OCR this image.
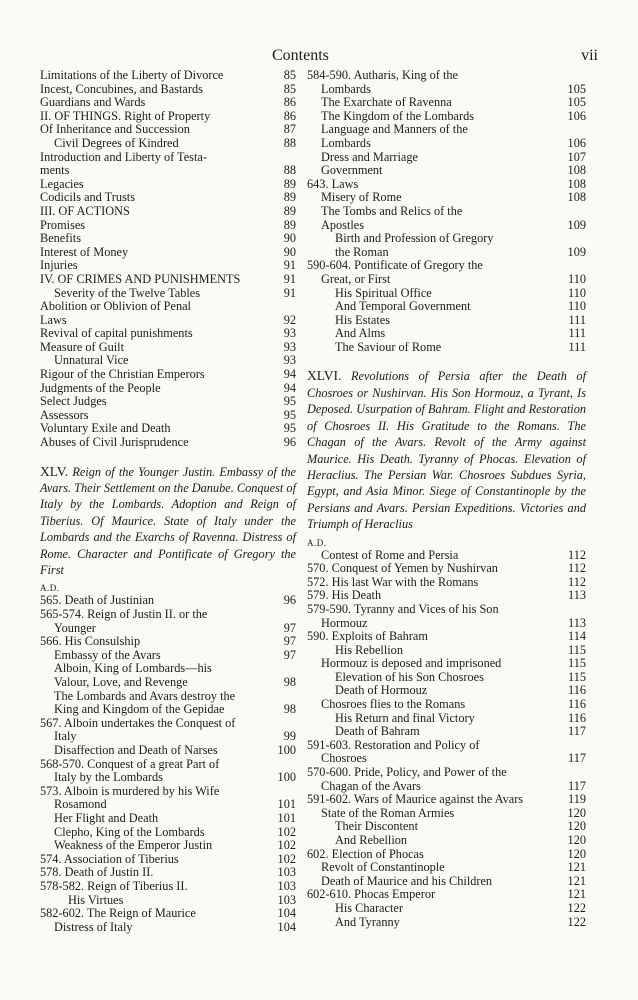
Contents	vii
Limitations of the Liberty of Divorce	85
Incest, Concubines, and Bastards	85
Guardians and Wards	86
II. OF THINGS. Right of Property	86
Of Inheritance and Succession	87
Civil Degrees of Kindred	88
Introduction and Liberty of Testa-
ments	88
Legacies	89
Codicils and Trusts	89
III. OF ACTIONS	89
Promises	89
Benefits	90
Interest of Money	90
Injuries	91
IV. OF CRIMES AND PUNISHMENTS	91
Severity of the Twelve Tables	91
Abolition or Oblivion of Penal
Laws	92
Revival of capital punishments	93
Measure of Guilt	93
Unnatural Vice	93
Rigour of the Christian Emperors	94
Judgments of the People	94
Select Judges	95
Assessors	95
Voluntary Exile and Death	95
Abuses of Civil Jurisprudence	96
XLV. Reign of the Younger Justin. Embassy of the Avars. Their Settlement on the Danube. Conquest of Italy by the Lombards. Adoption and Reign of Tiberius. Of Maurice. State of Italy under the Lombards and the Exarchs of Ravenna. Distress of Rome. Character and Pontificate of Gregory the First
A.D.
565. Death of Justinian	96
565-574. Reign of Justin II. or the
Younger	97
566. His Consulship	97
Embassy of the Avars	97
Alboin, King of Lombards—his
Valour, Love, and Revenge	98
The Lombards and Avars destroy the
King and Kingdom of the Gepidae	98
567. Alboin undertakes the Conquest of
Italy	99
Disaffection and Death of Narses	100
568-570. Conquest of a great Part of
Italy by the Lombards	100
573. Alboin is murdered by his Wife
Rosamond	101
Her Flight and Death	101
Clepho, King of the Lombards	102
Weakness of the Emperor Justin	102
574. Association of Tiberius	102
578. Death of Justin II.	103
578-582. Reign of Tiberius II.	103
His Virtues	103
582-602. The Reign of Maurice	104
Distress of Italy	104
584-590. Autharis, King of the
Lombards	105
The Exarchate of Ravenna	105
The Kingdom of the Lombards	106
Language and Manners of the
Lombards	106
Dress and Marriage	107
Government	108
643. Laws	108
Misery of Rome	108
The Tombs and Relics of the
Apostles	109
Birth and Profession of Gregory
the Roman	109
590-604. Pontificate of Gregory the
Great, or First	110
His Spiritual Office	110
And Temporal Government	110
His Estates	111
And Alms	111
The Saviour of Rome	111
XLVI. Revolutions of Persia after the Death of Chosroes or Nushirvan. His Son Hormouz, a Tyrant, Is Deposed. Usurpation of Bahram. Flight and Restoration of Chosroes II. His Gratitude to the Romans. The Chagan of the Avars. Revolt of the Army against Maurice. His Death. Tyranny of Phocas. Elevation of Heraclius. The Persian War. Chosroes Subdues Syria, Egypt, and Asia Minor. Siege of Constantinople by the Persians and Avars. Persian Expeditions. Victories and Triumph of Heraclius
A.D.
Contest of Rome and Persia	112
570. Conquest of Yemen by Nushirvan	112
572. His last War with the Romans	112
579. His Death	113
579-590. Tyranny and Vices of his Son
Hormouz	113
590. Exploits of Bahram	114
His Rebellion	115
Hormouz is deposed and imprisoned	115
Elevation of his Son Chosroes	115
Death of Hormouz	116
Chosroes flies to the Romans	116
His Return and final Victory	116
Death of Bahram	117
591-603. Restoration and Policy of
Chosroes	117
570-600. Pride, Policy, and Power of the
Chagan of the Avars	117
591-602. Wars of Maurice against the Avars	119
State of the Roman Armies	120
Their Discontent	120
And Rebellion	120
602. Election of Phocas	120
Revolt of Constantinople	121
Death of Maurice and his Children	121
602-610. Phocas Emperor	121
His Character	122
And Tyranny	122
